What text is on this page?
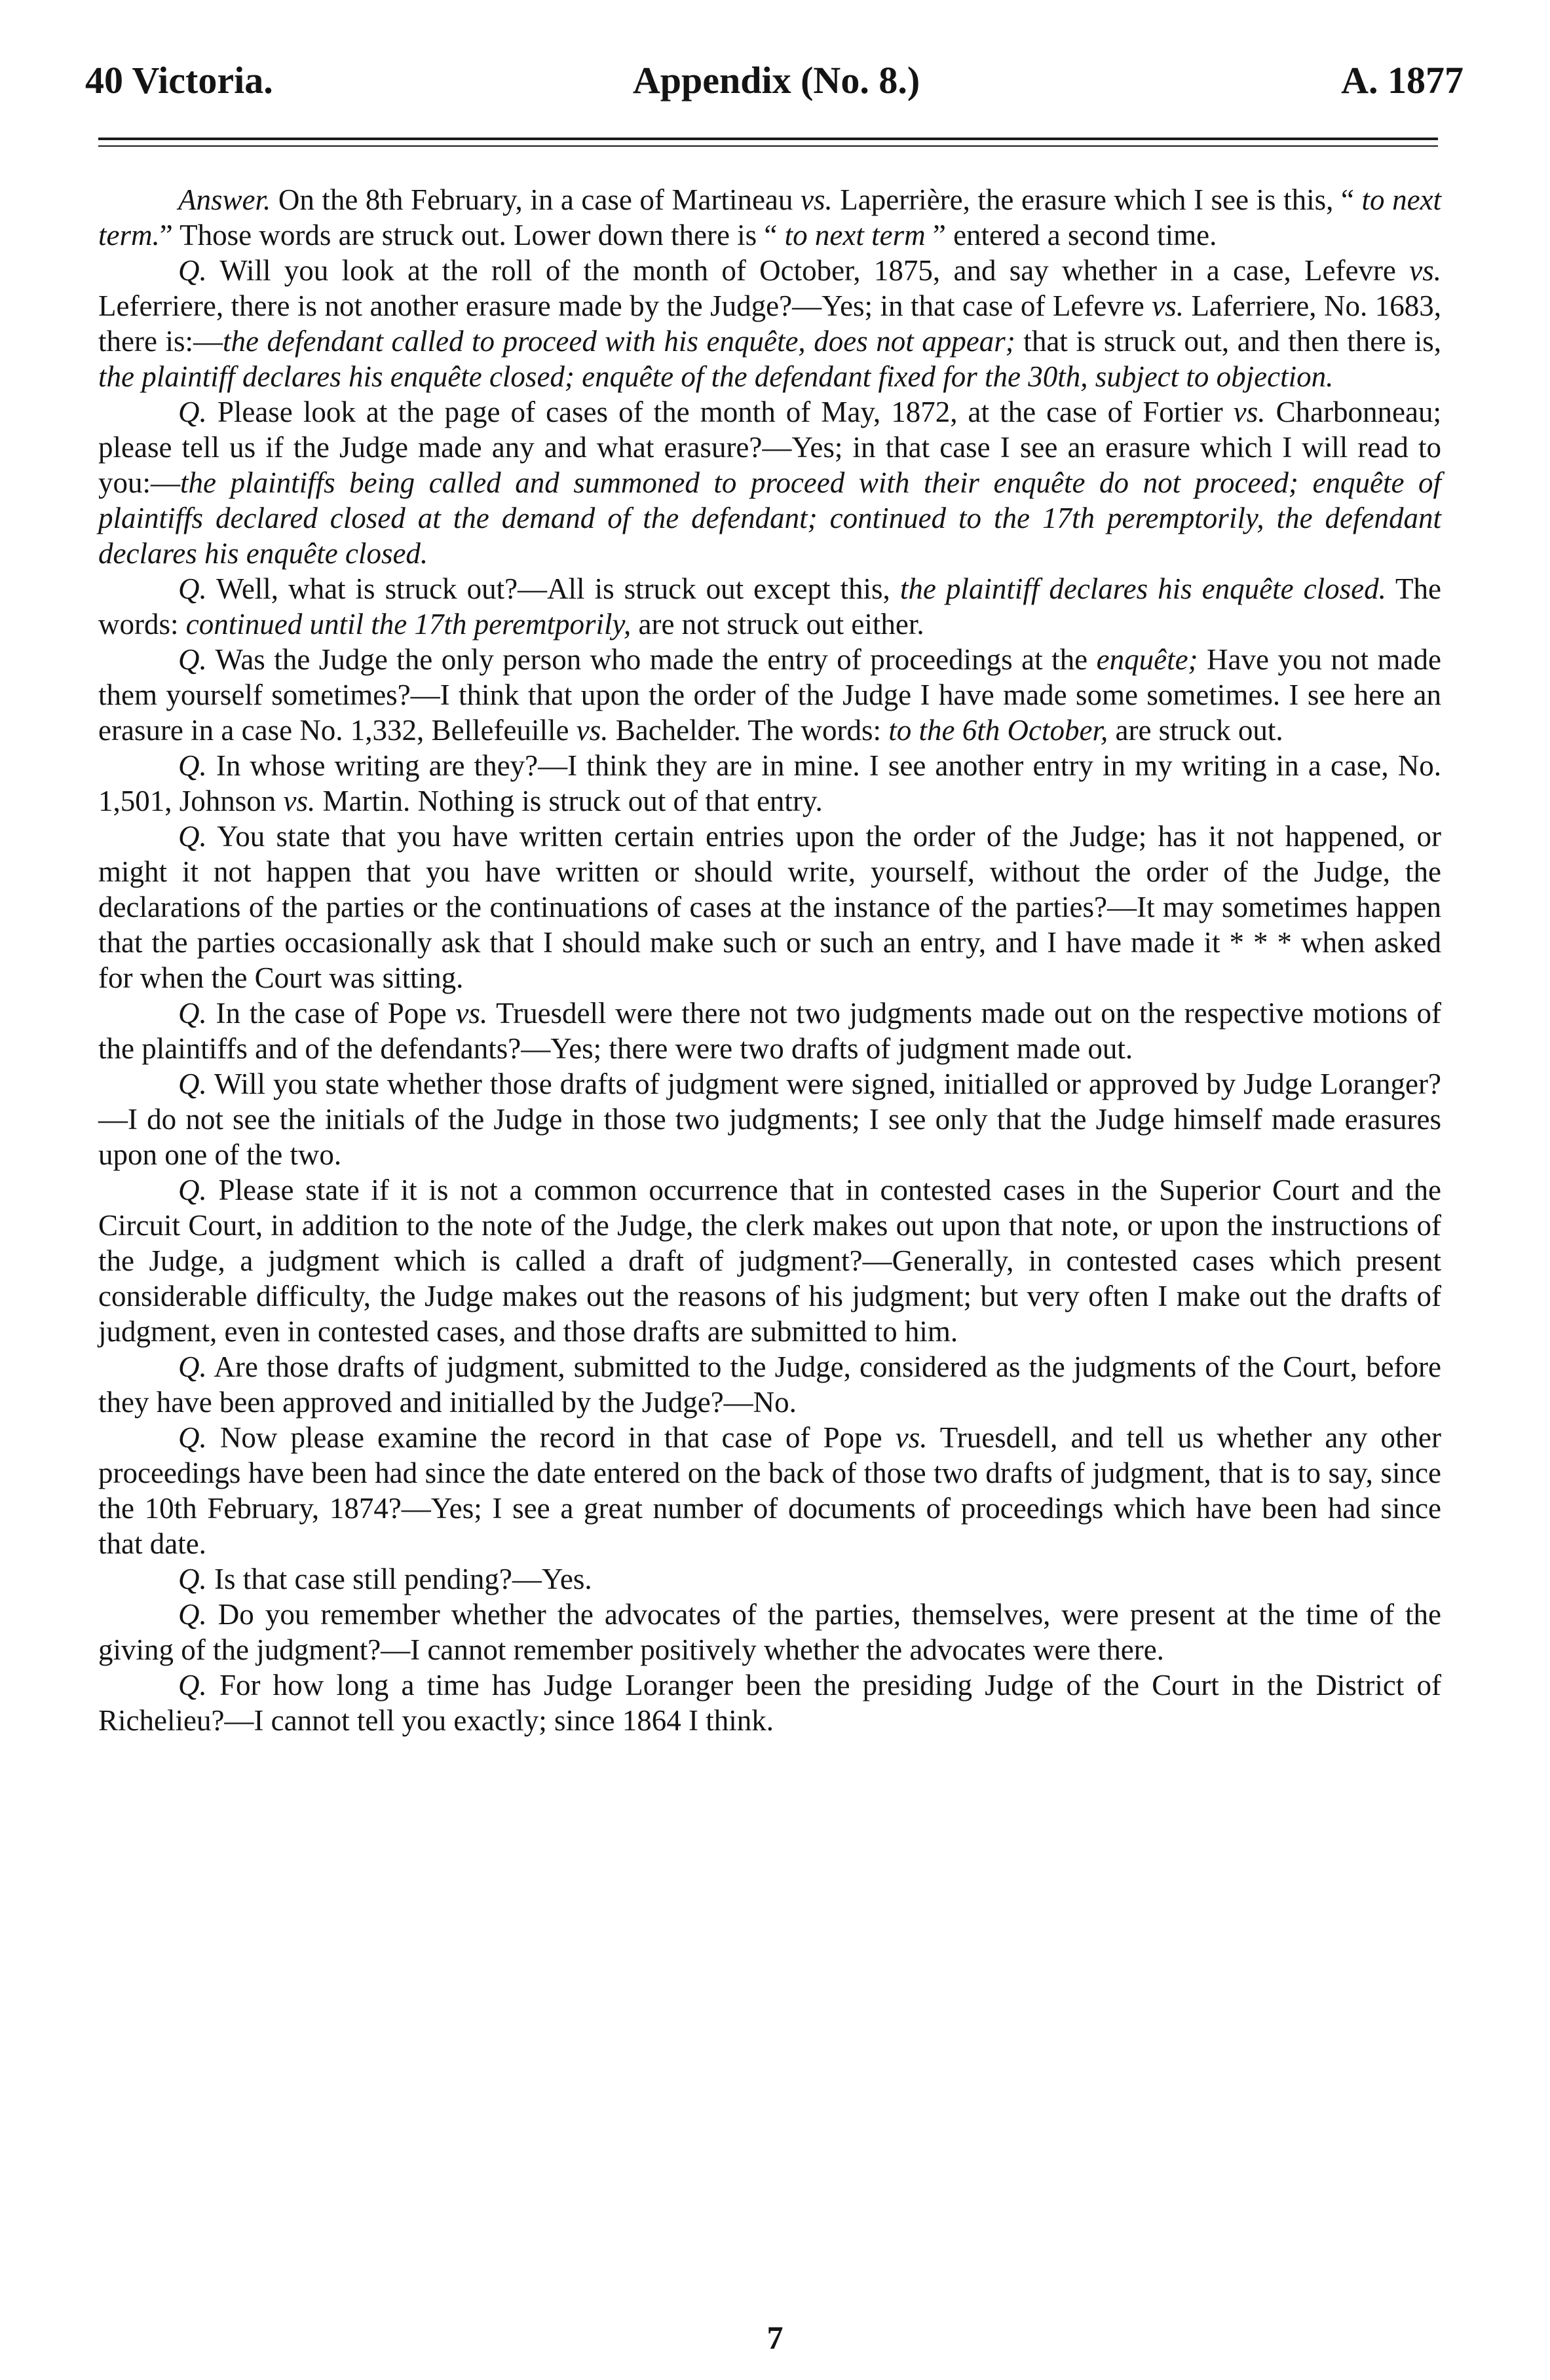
40 Victoria.	Appendix (No. 8.)	A. 1877

Answer. On the 8th February, in a case of Martineau vs. Laperrière, the erasure which I see is this, “ to next term.” Those words are struck out. Lower down there is “ to next term ” entered a second time.

Q. Will you look at the roll of the month of October, 1875, and say whether in a case, Lefevre vs. Leferriere, there is not another erasure made by the Judge?—Yes; in that case of Lefevre vs. Laferriere, No. 1683, there is:—the defendant called to proceed with his enquête, does not appear; that is struck out, and then there is, the plaintiff declares his enquête closed; enquête of the defendant fixed for the 30th, subject to objection.

Q. Please look at the page of cases of the month of May, 1872, at the case of Fortier vs. Charbonneau; please tell us if the Judge made any and what erasure?—Yes; in that case I see an erasure which I will read to you:—the plaintiffs being called and summoned to proceed with their enquête do not proceed; enquête of plaintiffs declared closed at the demand of the defendant; continued to the 17th peremptorily, the defendant declares his enquête closed.

Q. Well, what is struck out?—All is struck out except this, the plaintiff declares his enquête closed. The words: continued until the 17th peremtporily, are not struck out either.

Q. Was the Judge the only person who made the entry of proceedings at the enquête; Have you not made them yourself sometimes?—I think that upon the order of the Judge I have made some sometimes. I see here an erasure in a case No. 1,332, Bellefeuille vs. Bachelder. The words: to the 6th October, are struck out.

Q. In whose writing are they?—I think they are in mine. I see another entry in my writing in a case, No. 1,501, Johnson vs. Martin. Nothing is struck out of that entry.

Q. You state that you have written certain entries upon the order of the Judge; has it not happened, or might it not happen that you have written or should write, yourself, without the order of the Judge, the declarations of the parties or the continuations of cases at the instance of the parties?—It may sometimes happen that the parties occasionally ask that I should make such or such an entry, and I have made it * * * when asked for when the Court was sitting.

Q. In the case of Pope vs. Truesdell were there not two judgments made out on the respective motions of the plaintiffs and of the defendants?—Yes; there were two drafts of judgment made out.

Q. Will you state whether those drafts of judgment were signed, initialled or approved by Judge Loranger?—I do not see the initials of the Judge in those two judgments; I see only that the Judge himself made erasures upon one of the two.

Q. Please state if it is not a common occurrence that in contested cases in the Superior Court and the Circuit Court, in addition to the note of the Judge, the clerk makes out upon that note, or upon the instructions of the Judge, a judgment which is called a draft of judgment?—Generally, in contested cases which present considerable difficulty, the Judge makes out the reasons of his judgment; but very often I make out the drafts of judgment, even in contested cases, and those drafts are submitted to him.

Q. Are those drafts of judgment, submitted to the Judge, considered as the judgments of the Court, before they have been approved and initialled by the Judge?—No.

Q. Now please examine the record in that case of Pope vs. Truesdell, and tell us whether any other proceedings have been had since the date entered on the back of those two drafts of judgment, that is to say, since the 10th February, 1874?—Yes; I see a great number of documents of proceedings which have been had since that date.

Q. Is that case still pending?—Yes.

Q. Do you remember whether the advocates of the parties, themselves, were present at the time of the giving of the judgment?—I cannot remember positively whether the advocates were there.

Q. For how long a time has Judge Loranger been the presiding Judge of the Court in the District of Richelieu?—I cannot tell you exactly; since 1864 I think.

7
